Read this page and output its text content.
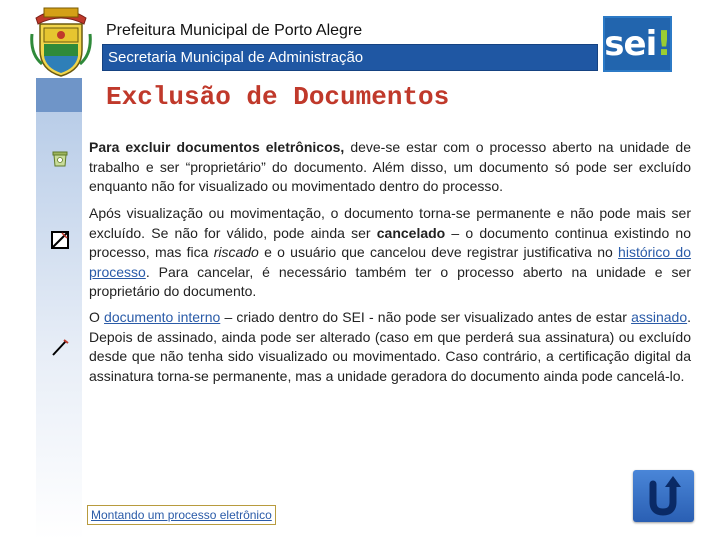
Prefeitura Municipal de Porto Alegre
Secretaria Municipal de Administração	sei !
Exclusão de Documentos
Para excluir documentos eletrônicos, deve-se estar com o processo aberto na unidade de trabalho e ser “proprietário” do documento. Além disso, um documento só pode ser excluído enquanto não for visualizado ou movimentado dentro do processo.
Após visualização ou movimentação, o documento torna-se permanente e não pode mais ser excluído. Se não for válido, pode ainda ser cancelado – o documento continua existindo no processo, mas fica riscado e o usuário que cancelou deve registrar justificativa no histórico do processo. Para cancelar, é necessário também ter o processo aberto na unidade e ser proprietário do documento.
O documento interno – criado dentro do SEI - não pode ser visualizado antes de estar assinado. Depois de assinado, ainda pode ser alterado (caso em que perderá sua assinatura) ou excluído desde que não tenha sido visualizado ou movimentado. Caso contrário, a certificação digital da assinatura torna-se permanente, mas a unidade geradora do documento ainda pode cancelá-lo.
Montando um processo eletrônico
